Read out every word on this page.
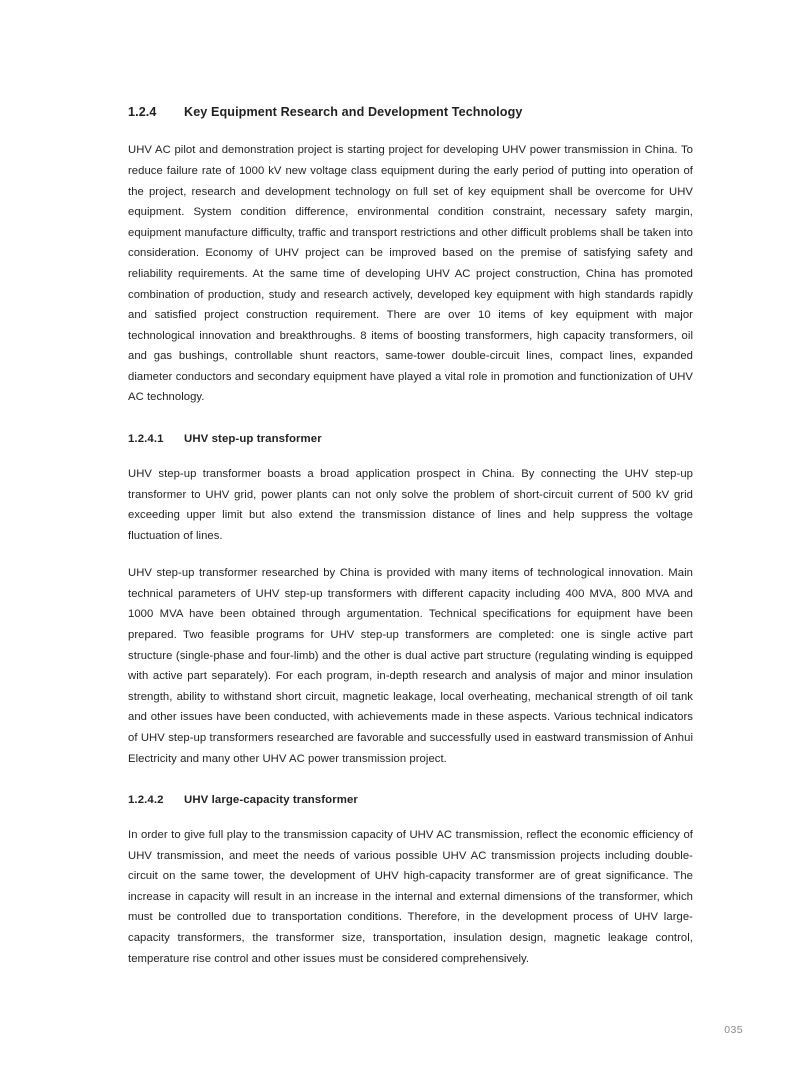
1.2.4 Key Equipment Research and Development Technology

UHV AC pilot and demonstration project is starting project for developing UHV power transmission in China. To reduce failure rate of 1000 kV new voltage class equipment during the early period of putting into operation of the project, research and development technology on full set of key equipment shall be overcome for UHV equipment. System condition difference, environmental condition constraint, necessary safety margin, equipment manufacture difficulty, traffic and transport restrictions and other difficult problems shall be taken into consideration. Economy of UHV project can be improved based on the premise of satisfying safety and reliability requirements. At the same time of developing UHV AC project construction, China has promoted combination of production, study and research actively, developed key equipment with high standards rapidly and satisfied project construction requirement. There are over 10 items of key equipment with major technological innovation and breakthroughs. 8 items of boosting transformers, high capacity transformers, oil and gas bushings, controllable shunt reactors, same-tower double-circuit lines, compact lines, expanded diameter conductors and secondary equipment have played a vital role in promotion and functionization of UHV AC technology.

1.2.4.1 UHV step-up transformer

UHV step-up transformer boasts a broad application prospect in China. By connecting the UHV step-up transformer to UHV grid, power plants can not only solve the problem of short-circuit current of 500 kV grid exceeding upper limit but also extend the transmission distance of lines and help suppress the voltage fluctuation of lines.

UHV step-up transformer researched by China is provided with many items of technological innovation. Main technical parameters of UHV step-up transformers with different capacity including 400 MVA, 800 MVA and 1000 MVA have been obtained through argumentation. Technical specifications for equipment have been prepared. Two feasible programs for UHV step-up transformers are completed: one is single active part structure (single-phase and four-limb) and the other is dual active part structure (regulating winding is equipped with active part separately). For each program, in-depth research and analysis of major and minor insulation strength, ability to withstand short circuit, magnetic leakage, local overheating, mechanical strength of oil tank and other issues have been conducted, with achievements made in these aspects. Various technical indicators of UHV step-up transformers researched are favorable and successfully used in eastward transmission of Anhui Electricity and many other UHV AC power transmission project.

1.2.4.2 UHV large-capacity transformer

In order to give full play to the transmission capacity of UHV AC transmission, reflect the economic efficiency of UHV transmission, and meet the needs of various possible UHV AC transmission projects including double-circuit on the same tower, the development of UHV high-capacity transformer are of great significance. The increase in capacity will result in an increase in the internal and external dimensions of the transformer, which must be controlled due to transportation conditions. Therefore, in the development process of UHV large-capacity transformers, the transformer size, transportation, insulation design, magnetic leakage control, temperature rise control and other issues must be considered comprehensively.

035
